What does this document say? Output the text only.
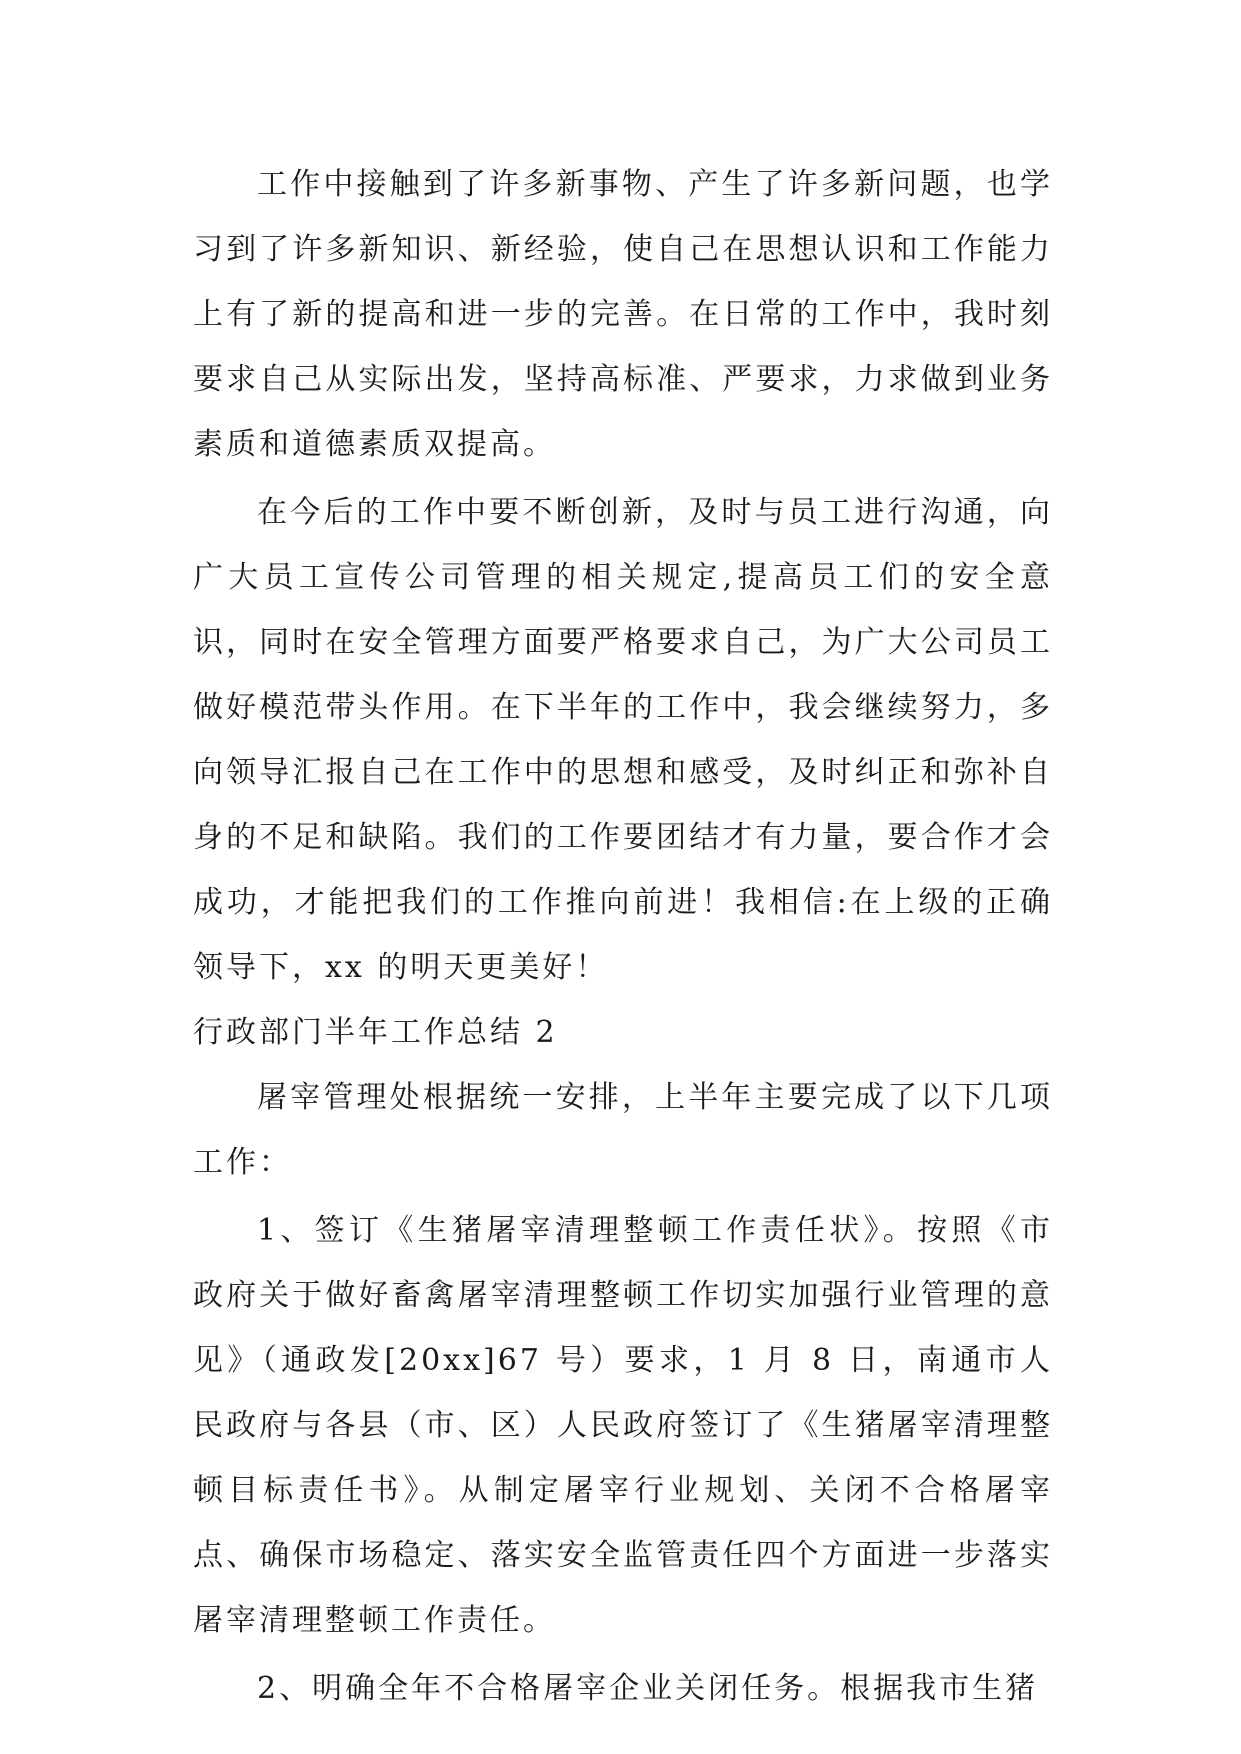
工作中接触到了许多新事物、产生了许多新问题，也学习到了许多新知识、新经验，使自己在思想认识和工作能力上有了新的提高和进一步的完善。在日常的工作中，我时刻要求自己从实际出发，坚持高标准、严要求，力求做到业务素质和道德素质双提高。

在今后的工作中要不断创新，及时与员工进行沟通，向广大员工宣传公司管理的相关规定,提高员工们的安全意识，同时在安全管理方面要严格要求自己，为广大公司员工做好模范带头作用。在下半年的工作中，我会继续努力，多向领导汇报自己在工作中的思想和感受，及时纠正和弥补自身的不足和缺陷。我们的工作要团结才有力量，要合作才会成功，才能把我们的工作推向前进！我相信:在上级的正确领导下，xx 的明天更美好！

行政部门半年工作总结 2

屠宰管理处根据统一安排，上半年主要完成了以下几项工作：

1、签订《生猪屠宰清理整顿工作责任状》。按照《市政府关于做好畜禽屠宰清理整顿工作切实加强行业管理的意见》（通政发[20xx]67 号）要求，1 月 8 日，南通市人民政府与各县（市、区）人民政府签订了《生猪屠宰清理整顿目标责任书》。从制定屠宰行业规划、关闭不合格屠宰点、确保市场稳定、落实安全监管责任四个方面进一步落实屠宰清理整顿工作责任。

2、明确全年不合格屠宰企业关闭任务。根据我市生猪
